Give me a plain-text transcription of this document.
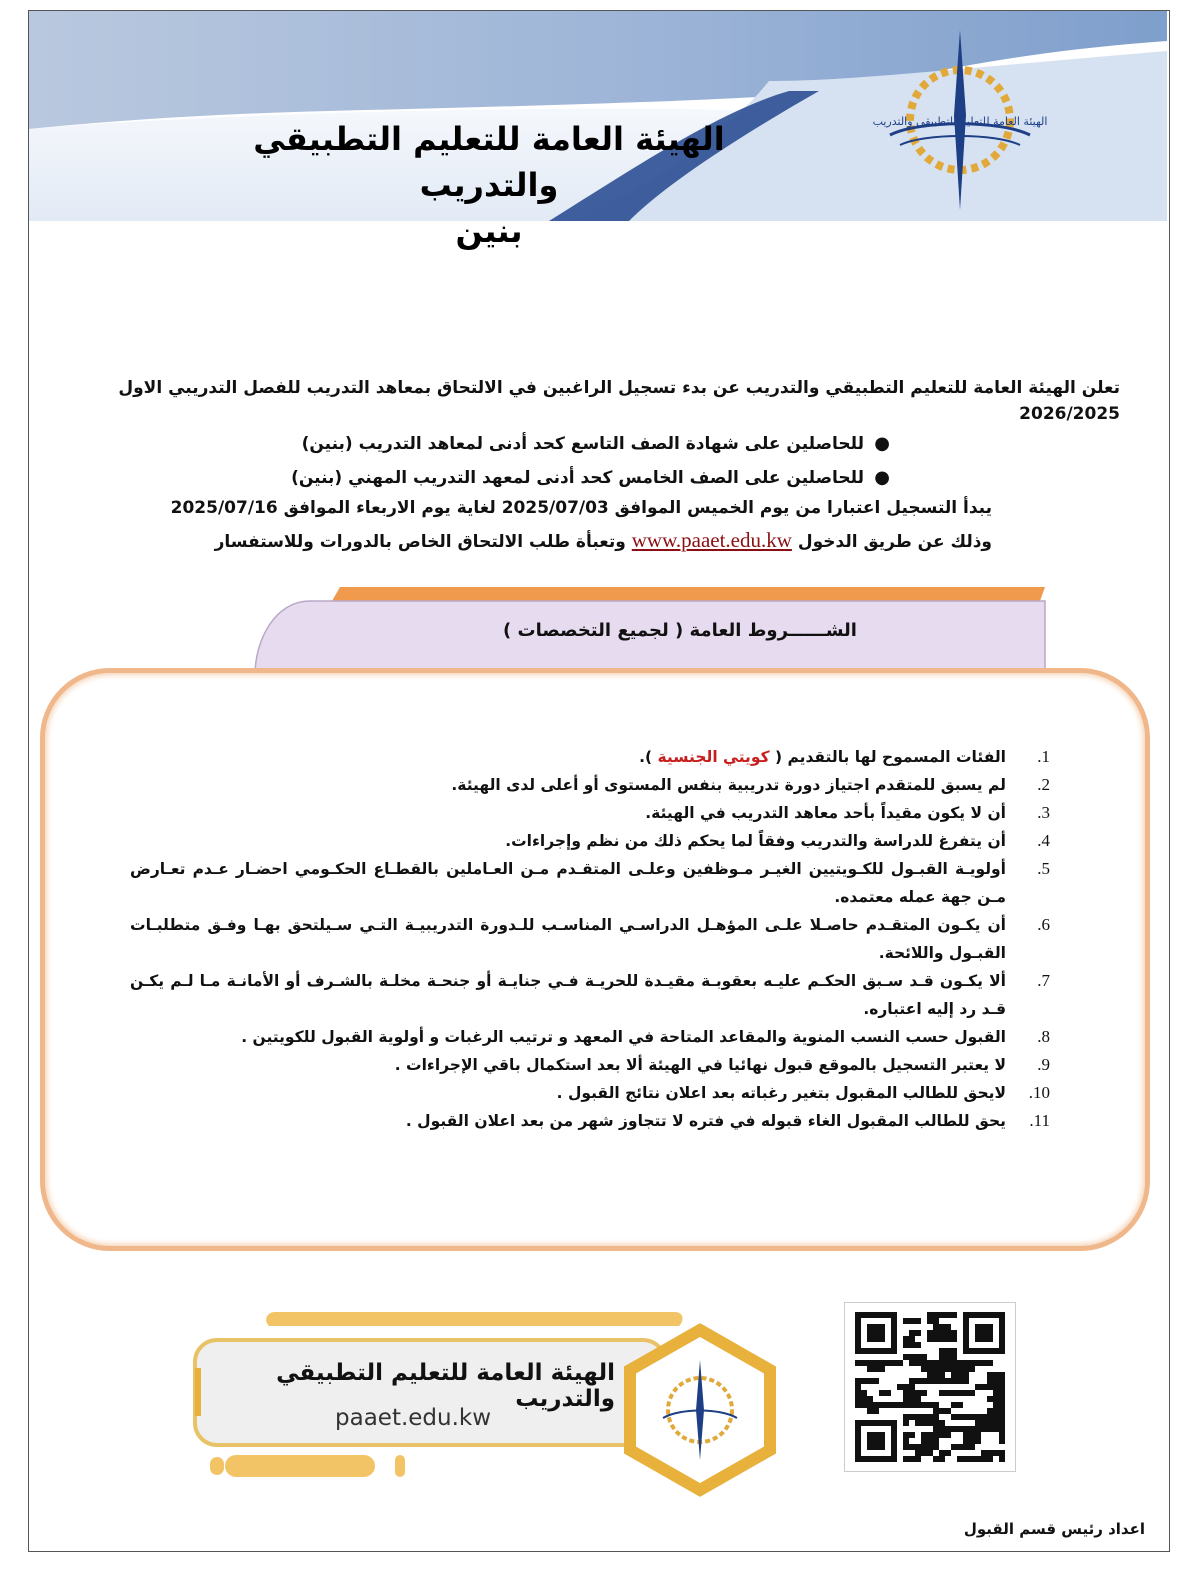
الهيئة العامة للتعليم التطبيقي والتدريب
بنين
الهيئة العامة للتعليم التطبيقي والتدريب
تعلن الهيئة العامة للتعليم التطبيقي والتدريب عن بدء تسجيل الراغبين في الالتحاق بمعاهد التدريب للفصل التدريبي الاول 2026/2025
●
للحاصلين على شهادة الصف التاسع كحد أدنى لمعاهد التدريب (بنين)
●
للحاصلين على الصف الخامس كحد أدنى لمعهد التدريب المهني (بنين)
يبدأ التسجيل اعتبارا من يوم الخميس الموافق 2025/07/03 لغاية يوم الاربعاء الموافق 2025/07/16
وذلك عن طريق الدخول www.paaet.edu.kw وتعبأة طلب الالتحاق الخاص بالدورات وللاستفسار
الشــــــروط العامة ( لجميع التخصصات )
1.
الفئات المسموح لها بالتقديم ( كويتي الجنسية ).
2.
لم يسبق للمتقدم اجتياز دورة تدريبية بنفس المستوى أو أعلى لدى الهيئة.
3.
أن لا يكون مقيداً بأحد معاهد التدريب في الهيئة.
4.
أن يتفرغ للدراسة والتدريب وفقاً لما يحكم ذلك من نظم وإجراءات.
5.
أولويـة القبـول للكـويتيين الغيـر مـوظفين وعلـى المتقـدم مـن العـاملين بالقطـاع الحكـومي احضـار عـدم تعـارض مـن جهة عمله معتمده.
6.
أن يكـون المتقـدم حاصـلا علـى المؤهـل الدراسـي المناسـب للـدورة التدريبيـة التـي سـيلتحق بهـا وفـق متطلبـات القبـول واللائحة.
7.
ألا يكـون قـد سـبق الحكـم عليـه بعقوبـة مقيـدة للحريـة فـي جنايـة أو جنحـة مخلـة بالشـرف أو الأمانـة مـا لـم يكـن قـد رد إليه اعتباره.
8.
القبول حسب النسب المنوية والمقاعد المتاحة في المعهد و ترتيب الرغبات و أولوية القبول للكويتين .
9.
لا يعتبر التسجيل بالموقع قبول نهائيا في الهيئة ألا بعد استكمال باقي الإجراءات .
10.
لايحق للطالب المقبول بتغير رغباته بعد اعلان نتائج القبول .
11.
يحق للطالب المقبول الغاء قبوله في فتره لا تتجاوز شهر من بعد اعلان القبول .
الهيئة العامة للتعليم التطبيقي والتدريب
paaet.edu.kw
اعداد رئيس قسم القبول
